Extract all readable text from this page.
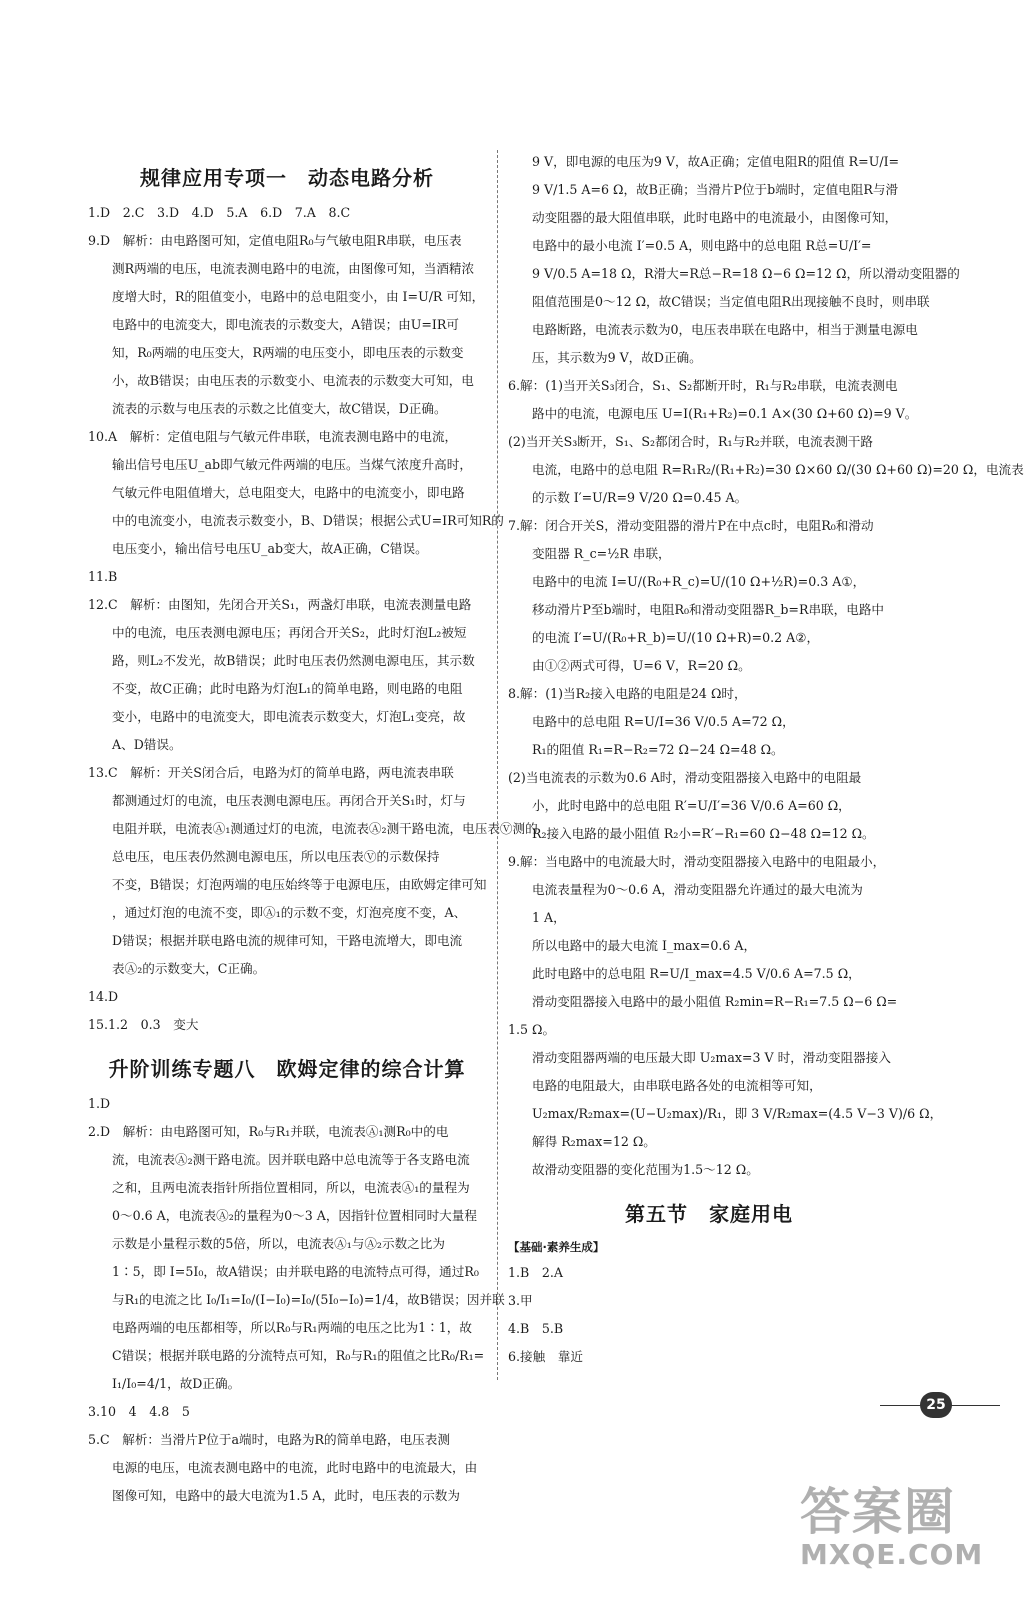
规律应用专项一　动态电路分析
1.D　2.C　3.D　4.D　5.A　6.D　7.A　8.C
9.D　解析：由电路图可知，定值电阻R₀与气敏电阻R串联，电压表
测R两端的电压，电流表测电路中的电流，由图像可知，当酒精浓
度增大时，R的阻值变小，电路中的总电阻变小，由 I=U/R 可知，
电路中的电流变大，即电流表的示数变大，A错误；由U=IR可
知，R₀两端的电压变大，R两端的电压变小，即电压表的示数变
小，故B错误；由电压表的示数变小、电流表的示数变大可知，电
流表的示数与电压表的示数之比值变大，故C错误，D正确。
10.A　解析：定值电阻与气敏元件串联，电流表测电路中的电流，
输出信号电压U_ab即气敏元件两端的电压。当煤气浓度升高时，
气敏元件电阻值增大，总电阻变大，电路中的电流变小，即电路
中的电流变小，电流表示数变小，B、D错误；根据公式U=IR可知R的
电压变小，输出信号电压U_ab变大，故A正确，C错误。
11.B
12.C　解析：由图知，先闭合开关S₁，两盏灯串联，电流表测量电路
中的电流，电压表测电源电压；再闭合开关S₂，此时灯泡L₂被短
路，则L₂不发光，故B错误；此时电压表仍然测电源电压，其示数
不变，故C正确；此时电路为灯泡L₁的简单电路，则电路的电阻
变小，电路中的电流变大，即电流表示数变大，灯泡L₁变亮，故
A、D错误。
13.C　解析：开关S闭合后，电路为灯的简单电路，两电流表串联
都测通过灯的电流，电压表测电源电压。再闭合开关S₁时，灯与
电阻并联，电流表Ⓐ₁测通过灯的电流，电流表Ⓐ₂测干路电流，电压表Ⓥ测的
总电压，电压表仍然测电源电压，所以电压表Ⓥ的示数保持
不变，B错误；灯泡两端的电压始终等于电源电压，由欧姆定律可知
，通过灯泡的电流不变，即Ⓐ₁的示数不变，灯泡亮度不变，A、
D错误；根据并联电路电流的规律可知，干路电流增大，即电流
表Ⓐ₂的示数变大，C正确。
14.D
15.1.2　0.3　变大
升阶训练专题八　欧姆定律的综合计算
1.D
2.D　解析：由电路图可知，R₀与R₁并联，电流表Ⓐ₁测R₀中的电
流，电流表Ⓐ₂测干路电流。因并联电路中总电流等于各支路电流
之和，且两电流表指针所指位置相同，所以，电流表Ⓐ₁的量程为
0～0.6 A，电流表Ⓐ₂的量程为0～3 A，因指针位置相同时大量程
示数是小量程示数的5倍，所以，电流表Ⓐ₁与Ⓐ₂示数之比为
1∶5，即 I=5I₀，故A错误；由并联电路的电流特点可得，通过R₀
与R₁的电流之比 I₀/I₁=I₀/(I−I₀)=I₀/(5I₀−I₀)=1/4，故B错误；因并联
电路两端的电压都相等，所以R₀与R₁两端的电压之比为1∶1，故
C错误；根据并联电路的分流特点可知，R₀与R₁的阻值之比R₀/R₁=
I₁/I₀=4/1，故D正确。
3.10　4　4.8　5
5.C　解析：当滑片P位于a端时，电路为R的简单电路，电压表测
电源的电压，电流表测电路中的电流，此时电路中的电流最大，由
图像可知，电路中的最大电流为1.5 A，此时，电压表的示数为
9 V，即电源的电压为9 V，故A正确；定值电阻R的阻值 R=U/I=
9 V/1.5 A=6 Ω，故B正确；当滑片P位于b端时，定值电阻R与滑
动变阻器的最大阻值串联，此时电路中的电流最小，由图像可知，
电路中的最小电流 I′=0.5 A，则电路中的总电阻 R总=U/I′=
9 V/0.5 A=18 Ω，R滑大=R总−R=18 Ω−6 Ω=12 Ω，所以滑动变阻器的
阻值范围是0～12 Ω，故C错误；当定值电阻R出现接触不良时，则串联
电路断路，电流表示数为0，电压表串联在电路中，相当于测量电源电
压，其示数为9 V，故D正确。
6.解：(1)当开关S₃闭合，S₁、S₂都断开时，R₁与R₂串联，电流表测电
路中的电流，电源电压 U=I(R₁+R₂)=0.1 A×(30 Ω+60 Ω)=9 V。
(2)当开关S₃断开，S₁、S₂都闭合时，R₁与R₂并联，电流表测干路
电流，电路中的总电阻 R=R₁R₂/(R₁+R₂)=30 Ω×60 Ω/(30 Ω+60 Ω)=20 Ω，电流表
的示数 I′=U/R=9 V/20 Ω=0.45 A。
7.解：闭合开关S，滑动变阻器的滑片P在中点c时，电阻R₀和滑动
变阻器 R_c=½R 串联，
电路中的电流 I=U/(R₀+R_c)=U/(10 Ω+½R)=0.3 A①，
移动滑片P至b端时，电阻R₀和滑动变阻器R_b=R串联，电路中
的电流 I′=U/(R₀+R_b)=U/(10 Ω+R)=0.2 A②，
由①②两式可得，U=6 V，R=20 Ω。
8.解：(1)当R₂接入电路的电阻是24 Ω时，
电路中的总电阻 R=U/I=36 V/0.5 A=72 Ω，
R₁的阻值 R₁=R−R₂=72 Ω−24 Ω=48 Ω。
(2)当电流表的示数为0.6 A时，滑动变阻器接入电路中的电阻最
小，此时电路中的总电阻 R′=U/I′=36 V/0.6 A=60 Ω，
R₂接入电路的最小阻值 R₂小=R′−R₁=60 Ω−48 Ω=12 Ω。
9.解：当电路中的电流最大时，滑动变阻器接入电路中的电阻最小，
电流表量程为0～0.6 A，滑动变阻器允许通过的最大电流为
1 A，
所以电路中的最大电流 I_max=0.6 A，
此时电路中的总电阻 R=U/I_max=4.5 V/0.6 A=7.5 Ω，
滑动变阻器接入电路中的最小阻值 R₂min=R−R₁=7.5 Ω−6 Ω=
1.5 Ω。
滑动变阻器两端的电压最大即 U₂max=3 V 时，滑动变阻器接入
电路的电阻最大，由串联电路各处的电流相等可知，
U₂max/R₂max=(U−U₂max)/R₁，即 3 V/R₂max=(4.5 V−3 V)/6 Ω，
解得 R₂max=12 Ω。
故滑动变阻器的变化范围为1.5～12 Ω。
第五节　家庭用电
【基础·素养生成】
1.B　2.A
3.甲
4.B　5.B
6.接触　靠近
25
答案圈
MXQE.COM
